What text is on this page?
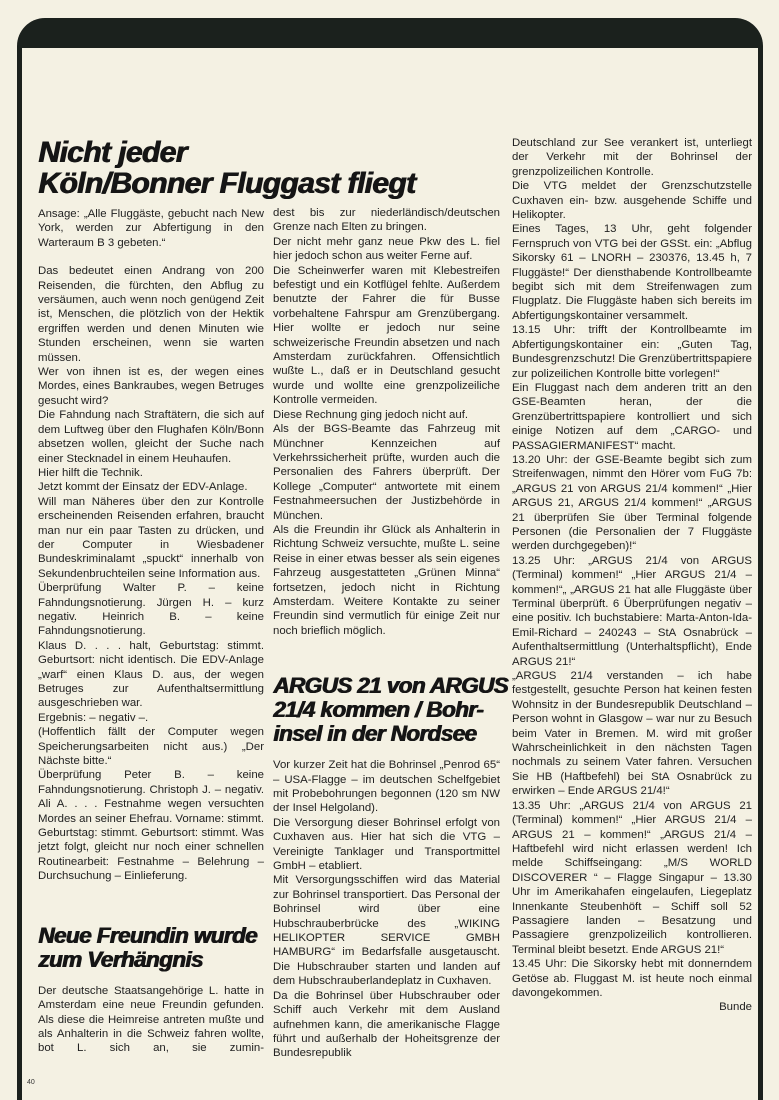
Nicht jeder
Köln/Bonner Fluggast fliegt

Ansage: „Alle Fluggäste, gebucht nach New York, werden zur Abfertigung in den Warteraum B 3 gebeten.“

Das bedeutet einen Andrang von 200 Reisenden, die fürchten, den Abflug zu versäumen, auch wenn noch genügend Zeit ist, Menschen, die plötzlich von der Hektik ergriffen werden und denen Minuten wie Stunden erscheinen, wenn sie warten müssen.

Wer von ihnen ist es, der wegen eines Mordes, eines Bankraubes, wegen Betruges gesucht wird?

Die Fahndung nach Straftätern, die sich auf dem Luftweg über den Flughafen Köln/Bonn absetzen wollen, gleicht der Suche nach einer Stecknadel in einem Heuhaufen.

Hier hilft die Technik.

Jetzt kommt der Einsatz der EDV-Anlage.

Will man Näheres über den zur Kontrolle erscheinenden Reisenden erfahren, braucht man nur ein paar Tasten zu drücken, und der Computer in Wiesbadener Bundeskriminalamt „spuckt“ innerhalb von Sekundenbruchteilen seine Information aus.

Überprüfung Walter P. – keine Fahndungsnotierung. Jürgen H. – kurz negativ. Heinrich B. – keine Fahndungsnotierung.

Klaus D. . . . halt, Geburtstag: stimmt. Geburtsort: nicht identisch. Die EDV-Anlage „warf“ einen Klaus D. aus, der wegen Betruges zur Aufenthaltsermittlung ausgeschrieben war.

Ergebnis: – negativ –.

(Hoffentlich fällt der Computer wegen Speicherungsarbeiten nicht aus.) „Der Nächste bitte.“

Überprüfung Peter B. – keine Fahndungsnotierung. Christoph J. – negativ. Ali A. . . . Festnahme wegen versuchten Mordes an seiner Ehefrau. Vorname: stimmt. Geburtstag: stimmt. Geburtsort: stimmt. Was jetzt folgt, gleicht nur noch einer schnellen Routinearbeit: Festnahme – Belehrung – Durchsuchung – Einlieferung.

Neue Freundin wurde
zum Verhängnis

Der deutsche Staatsangehörige L. hatte in Amsterdam eine neue Freundin gefunden. Als diese die Heimreise antreten mußte und als Anhalterin in die Schweiz fahren wollte, bot L. sich an, sie zumin-

dest bis zur niederländisch/deutschen Grenze nach Elten zu bringen.

Der nicht mehr ganz neue Pkw des L. fiel hier jedoch schon aus weiter Ferne auf.

Die Scheinwerfer waren mit Klebestreifen befestigt und ein Kotflügel fehlte. Außerdem benutzte der Fahrer die für Busse vorbehaltene Fahrspur am Grenzübergang. Hier wollte er jedoch nur seine schweizerische Freundin absetzen und nach Amsterdam zurückfahren. Offensichtlich wußte L., daß er in Deutschland gesucht wurde und wollte eine grenzpolizeiliche Kontrolle vermeiden.

Diese Rechnung ging jedoch nicht auf.

Als der BGS-Beamte das Fahrzeug mit Münchner Kennzeichen auf Verkehrssicherheit prüfte, wurden auch die Personalien des Fahrers überprüft. Der Kollege „Computer“ antwortete mit einem Festnahmeersuchen der Justizbehörde in München.

Als die Freundin ihr Glück als Anhalterin in Richtung Schweiz versuchte, mußte L. seine Reise in einer etwas besser als sein eigenes Fahrzeug ausgestatteten „Grünen Minna“ fortsetzen, jedoch nicht in Richtung Amsterdam. Weitere Kontakte zu seiner Freundin sind vermutlich für einige Zeit nur noch brieflich möglich.

ARGUS 21 von ARGUS
21/4 kommen / Bohr-
insel in der Nordsee

Vor kurzer Zeit hat die Bohrinsel „Penrod 65“ – USA-Flagge – im deutschen Schelfgebiet mit Probebohrungen begonnen (120 sm NW der Insel Helgoland).

Die Versorgung dieser Bohrinsel erfolgt von Cuxhaven aus. Hier hat sich die VTG – Vereinigte Tanklager und Transportmittel GmbH – etabliert.

Mit Versorgungsschiffen wird das Material zur Bohrinsel transportiert. Das Personal der Bohrinsel wird über eine Hubschrauberbrücke des „WIKING HELIKOPTER SERVICE GMBH HAMBURG“ im Bedarfsfalle ausgetauscht. Die Hubschrauber starten und landen auf dem Hubschrauberlandeplatz in Cuxhaven.

Da die Bohrinsel über Hubschrauber oder Schiff auch Verkehr mit dem Ausland aufnehmen kann, die amerikanische Flagge führt und außerhalb der Hoheitsgrenze der Bundesrepublik

Deutschland zur See verankert ist, unterliegt der Verkehr mit der Bohrinsel der grenzpolizeilichen Kontrolle.

Die VTG meldet der Grenzschutzstelle Cuxhaven ein- bzw. ausgehende Schiffe und Helikopter.

Eines Tages, 13 Uhr, geht folgender Fernspruch von VTG bei der GSSt. ein: „Abflug Sikorsky 61 – LNORH – 230376, 13.45 h, 7 Fluggäste!“ Der diensthabende Kontrollbeamte begibt sich mit dem Streifenwagen zum Flugplatz. Die Fluggäste haben sich bereits im Abfertigungskontainer versammelt.

13.15 Uhr: trifft der Kontrollbeamte im Abfertigungskontainer ein: „Guten Tag, Bundesgrenzschutz! Die Grenzübertrittspapiere zur polizeilichen Kontrolle bitte vorlegen!“

Ein Fluggast nach dem anderen tritt an den GSE-Beamten heran, der die Grenzübertrittspapiere kontrolliert und sich einige Notizen auf dem „CARGO- und PASSAGIERMANIFEST“ macht.

13.20 Uhr: der GSE-Beamte begibt sich zum Streifenwagen, nimmt den Hörer vom FuG 7b: „ARGUS 21 von ARGUS 21/4 kommen!“ „Hier ARGUS 21, ARGUS 21/4 kommen!“ „ARGUS 21 überprüfen Sie über Terminal folgende Personen (die Personalien der 7 Fluggäste werden durchgegeben)!“

13.25 Uhr: „ARGUS 21/4 von ARGUS (Terminal) kommen!“ „Hier ARGUS 21/4 – kommen!“„ „ARGUS 21 hat alle Fluggäste über Terminal überprüft. 6 Überprüfungen negativ – eine positiv. Ich buchstabiere: Marta-Anton-Ida-Emil-Richard – 240243 – StA Osnabrück – Aufenthaltsermittlung (Unterhaltspflicht), Ende ARGUS 21!“

„ARGUS 21/4 verstanden – ich habe festgestellt, gesuchte Person hat keinen festen Wohnsitz in der Bundesrepublik Deutschland – Person wohnt in Glasgow – war nur zu Besuch beim Vater in Bremen. M. wird mit großer Wahrscheinlichkeit in den nächsten Tagen nochmals zu seinem Vater fahren. Versuchen Sie HB (Haftbefehl) bei StA Osnabrück zu erwirken – Ende ARGUS 21/4!“

13.35 Uhr: „ARGUS 21/4 von ARGUS 21 (Terminal) kommen!“ „Hier ARGUS 21/4 – ARGUS 21 – kommen!“ „ARGUS 21/4 – Haftbefehl wird nicht erlassen werden! Ich melde Schiffseingang: „M/S WORLD DISCOVERER “ – Flagge Singapur – 13.30 Uhr im Amerikahafen eingelaufen, Liegeplatz Innenkante Steubenhöft – Schiff soll 52 Passagiere landen – Besatzung und Passagiere grenzpolizeilich kontrollieren. Terminal bleibt besetzt. Ende ARGUS 21!“

13.45 Uhr: Die Sikorsky hebt mit donnerndem Getöse ab. Fluggast M. ist heute noch einmal davongekommen.

Bunde
40
